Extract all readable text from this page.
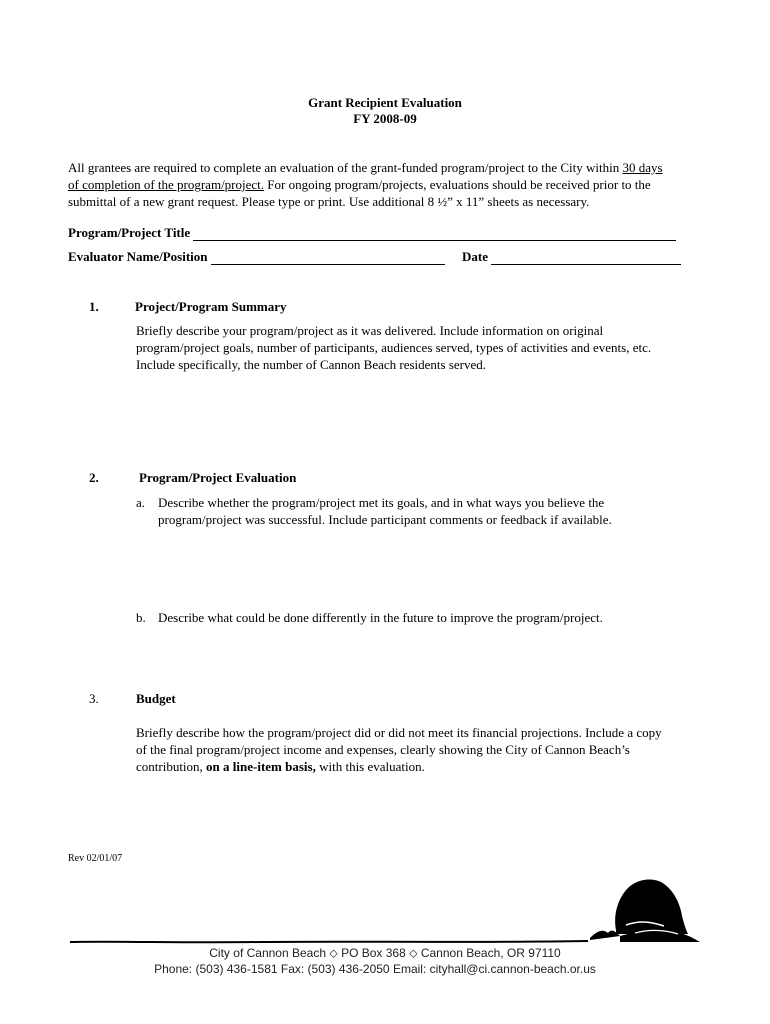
Grant Recipient Evaluation
FY 2008-09
All grantees are required to complete an evaluation of the grant-funded program/project to the City within 30 days
of completion of the program/project. For ongoing program/projects, evaluations should be received prior to the
submittal of a new grant request. Please type or print. Use additional 8 ½” x 11” sheets as necessary.
Program/Project Title
Evaluator Name/Position	Date
1.	Project/Program Summary
Briefly describe your program/project as it was delivered. Include information on original
program/project goals, number of participants, audiences served, types of activities and events, etc.
Include specifically, the number of Cannon Beach residents served.
2.	Program/Project Evaluation
a. Describe whether the program/project met its goals, and in what ways you believe the
program/project was successful. Include participant comments or feedback if available.
b. Describe what could be done differently in the future to improve the program/project.
3.	Budget
Briefly describe how the program/project did or did not meet its financial projections. Include a copy
of the final program/project income and expenses, clearly showing the City of Cannon Beach’s
contribution, on a line-item basis, with this evaluation.
Rev 02/01/07
City of Cannon Beach ⬦ PO Box 368 ⬦ Cannon Beach, OR 97110
Phone: (503) 436-1581 Fax: (503) 436-2050 Email: cityhall@ci.cannon-beach.or.us
